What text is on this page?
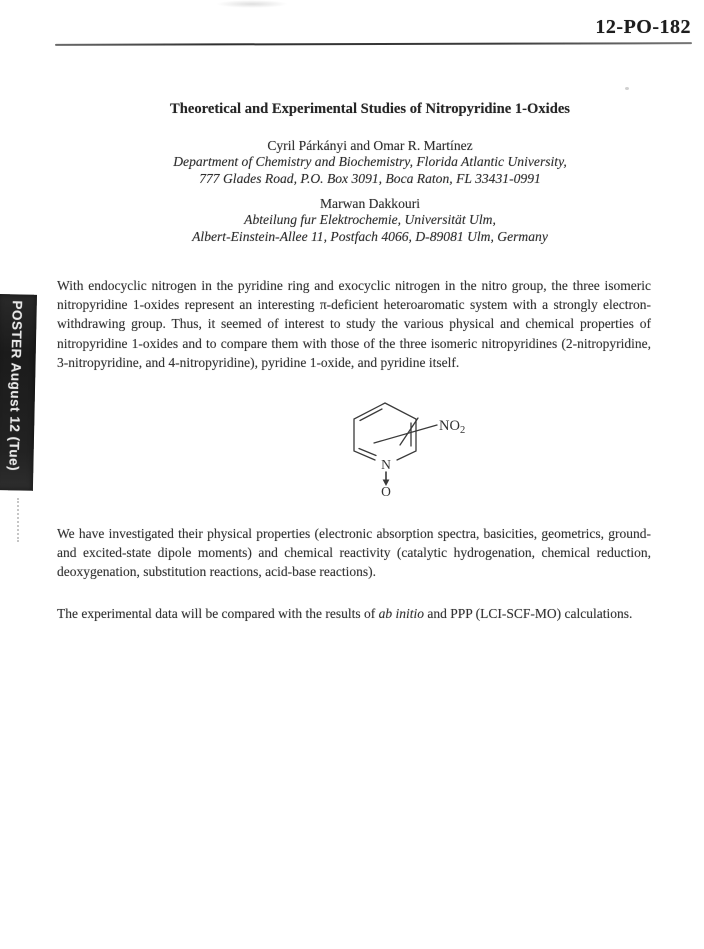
12-PO-182
Theoretical and Experimental Studies of Nitropyridine 1-Oxides
Cyril Párkányi and Omar R. Martínez
Department of Chemistry and Biochemistry, Florida Atlantic University,
777 Glades Road, P.O. Box 3091, Boca Raton, FL 33431-0991
Marwan Dakkouri
Abteilung fur Elektrochemie, Universität Ulm,
Albert-Einstein-Allee 11, Postfach 4066, D-89081 Ulm, Germany

With endocyclic nitrogen in the pyridine ring and exocyclic nitrogen in the nitro group, the three isomeric nitropyridine 1-oxides represent an interesting π-deficient heteroaromatic system with a strongly electron-withdrawing group. Thus, it seemed of interest to study the various physical and chemical properties of nitropyridine 1-oxides and to compare them with those of the three isomeric nitropyridines (2-nitropyridine, 3-nitropyridine, and 4-nitropyridine), pyridine 1-oxide, and pyridine itself.

N
O
$NO_2$

We have investigated their physical properties (electronic absorption spectra, basicities, geometrics, ground- and excited-state dipole moments) and chemical reactivity (catalytic hydrogenation, chemical reduction, deoxygenation, substitution reactions, acid-base reactions).

The experimental data will be compared with the results of ab initio and PPP (LCI-SCF-MO) calculations.

POSTER August 12 (Tue)
